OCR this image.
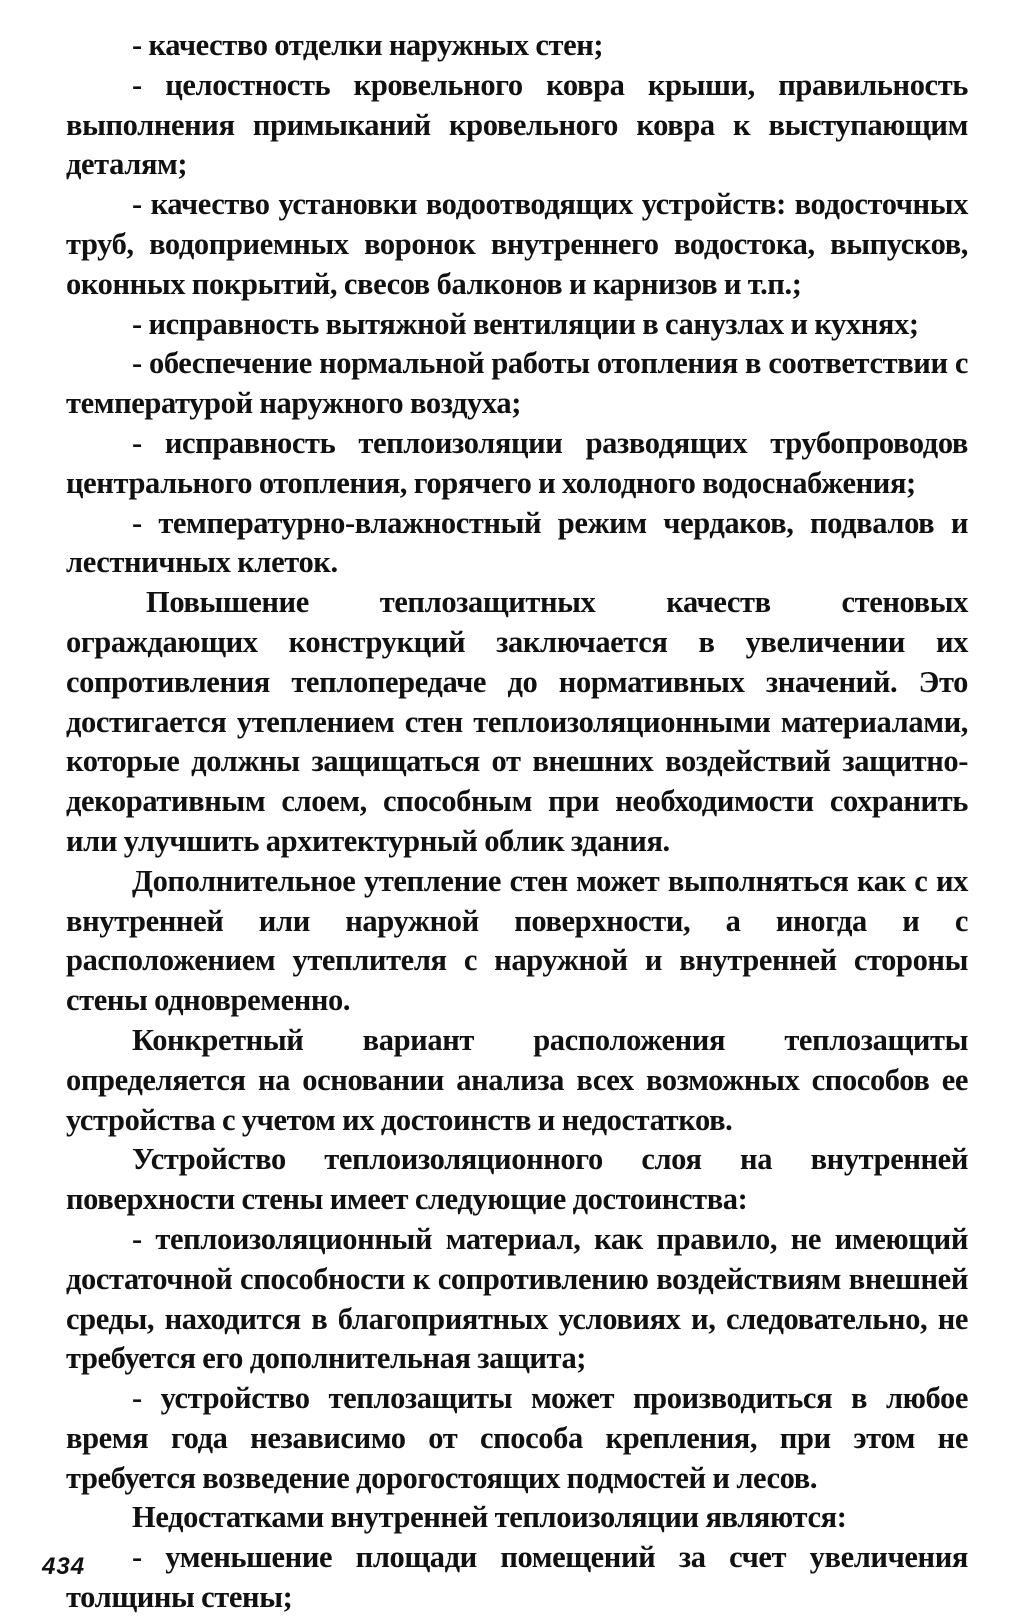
- качество отделки наружных стен;

- целостность кровельного ковра крыши, правильность выполнения примыканий кровельного ковра к выступающим деталям;

- качество установки водоотводящих устройств: водосточных труб, водоприемных воронок внутреннего водостока, выпусков, оконных покрытий, свесов балконов и карнизов и т.п.;

- исправность вытяжной вентиляции в санузлах и кухнях;

- обеспечение нормальной работы отопления в соответствии с температурой наружного воздуха;

- исправность теплоизоляции разводящих трубопроводов центрального отопления, горячего и холодного водоснабжения;

- температурно-влажностный режим чердаков, подвалов и лестничных клеток.

Повышение теплозащитных качеств стеновых ограждающих конструкций заключается в увеличении их сопротивления теплопередаче до нормативных значений. Это достигается утеплением стен теплоизоляционными материалами, которые должны защищаться от внешних воздействий защитно-декоративным слоем, способным при необходимости сохранить или улучшить архитектурный облик здания.

Дополнительное утепление стен может выполняться как с их внутренней или наружной поверхности, а иногда и с расположением утеплителя с наружной и внутренней стороны стены одновременно.

Конкретный вариант расположения теплозащиты определяется на основании анализа всех возможных способов ее устройства с учетом их достоинств и недостатков.

Устройство теплоизоляционного слоя на внутренней поверхности стены имеет следующие достоинства:

- теплоизоляционный материал, как правило, не имеющий достаточной способности к сопротивлению воздействиям внешней среды, находится в благоприятных условиях и, следовательно, не требуется его дополнительная защита;

- устройство теплозащиты может производиться в любое время года независимо от способа крепления, при этом не требуется возведение дорогостоящих подмостей и лесов.

Недостатками внутренней теплоизоляции являются:

- уменьшение площади помещений за счет увеличения толщины стены;

434
